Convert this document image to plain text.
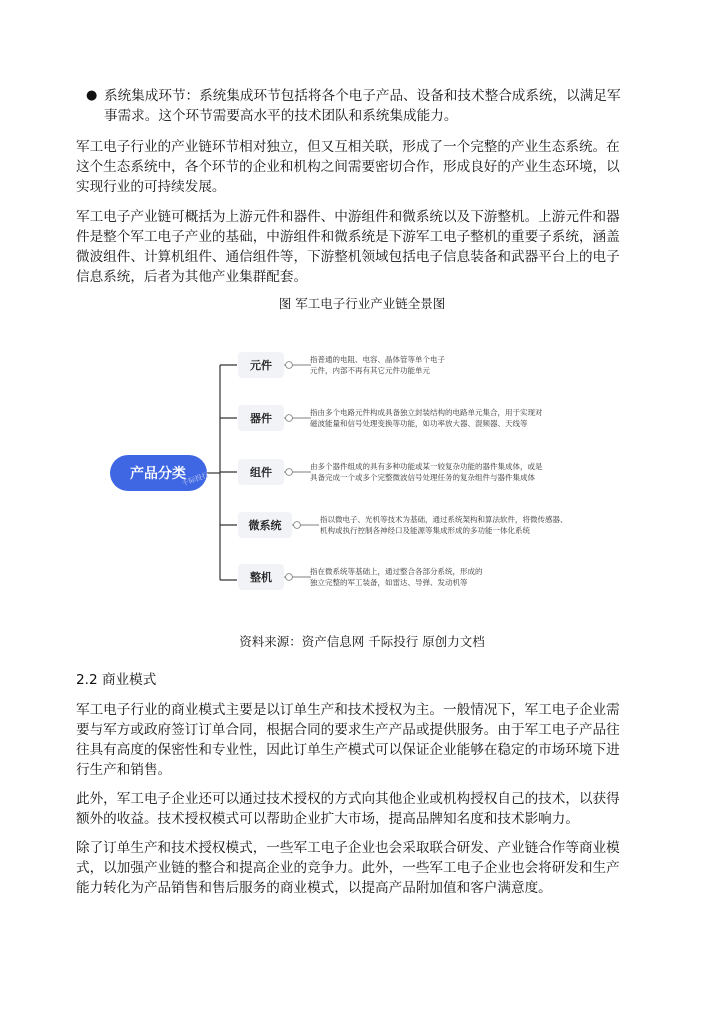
● 系统集成环节：系统集成环节包括将各个电子产品、设备和技术整合成系统，以满足军
事需求。这个环节需要高水平的技术团队和系统集成能力。

军工电子行业的产业链环节相对独立，但又互相关联，形成了一个完整的产业生态系统。在
这个生态系统中，各个环节的企业和机构之间需要密切合作，形成良好的产业生态环境，以
实现行业的可持续发展。

军工电子产业链可概括为上游元件和器件、中游组件和微系统以及下游整机。上游元件和器
件是整个军工电子产业的基础，中游组件和微系统是下游军工电子整机的重要子系统，涵盖
微波组件、计算机组件、通信组件等，下游整机领域包括电子信息装备和武器平台上的电子
信息系统，后者为其他产业集群配套。

图 军工电子行业产业链全景图
产品分类
千际投行
元件	指普通的电阻、电容、晶体管等单个电子
元件，内部不再有其它元件功能单元
器件	指由多个电路元件构成具备独立封装结构的电路单元集合，用于实现对
磁波能量和信号处理变换等功能，如功率放大器、混频器、天线等
组件	由多个器件组成的具有多种功能或某一较复杂功能的器件集成体，或是
具备完成一个或多个完整微波信号处理任务的复杂组件与器件集成体
微系统	指以微电子、光机等技术为基础，通过系统架构和算法软件，将微传感器、
机构或执行控制各神经口及能源等集成形成的多功能一体化系统
整机	指在微系统等基础上，通过整合各部分系统，形成的
独立完整的军工装备，如雷达、导弹、发动机等
资料来源：资产信息网 千际投行 原创力文档
2.2 商业模式

军工电子行业的商业模式主要是以订单生产和技术授权为主。一般情况下，军工电子企业需
要与军方或政府签订订单合同，根据合同的要求生产产品或提供服务。由于军工电子产品往
往具有高度的保密性和专业性，因此订单生产模式可以保证企业能够在稳定的市场环境下进
行生产和销售。

此外，军工电子企业还可以通过技术授权的方式向其他企业或机构授权自己的技术，以获得
额外的收益。技术授权模式可以帮助企业扩大市场，提高品牌知名度和技术影响力。

除了订单生产和技术授权模式，一些军工电子企业也会采取联合研发、产业链合作等商业模
式，以加强产业链的整合和提高企业的竞争力。此外，一些军工电子企业也会将研发和生产
能力转化为产品销售和售后服务的商业模式，以提高产品附加值和客户满意度。
